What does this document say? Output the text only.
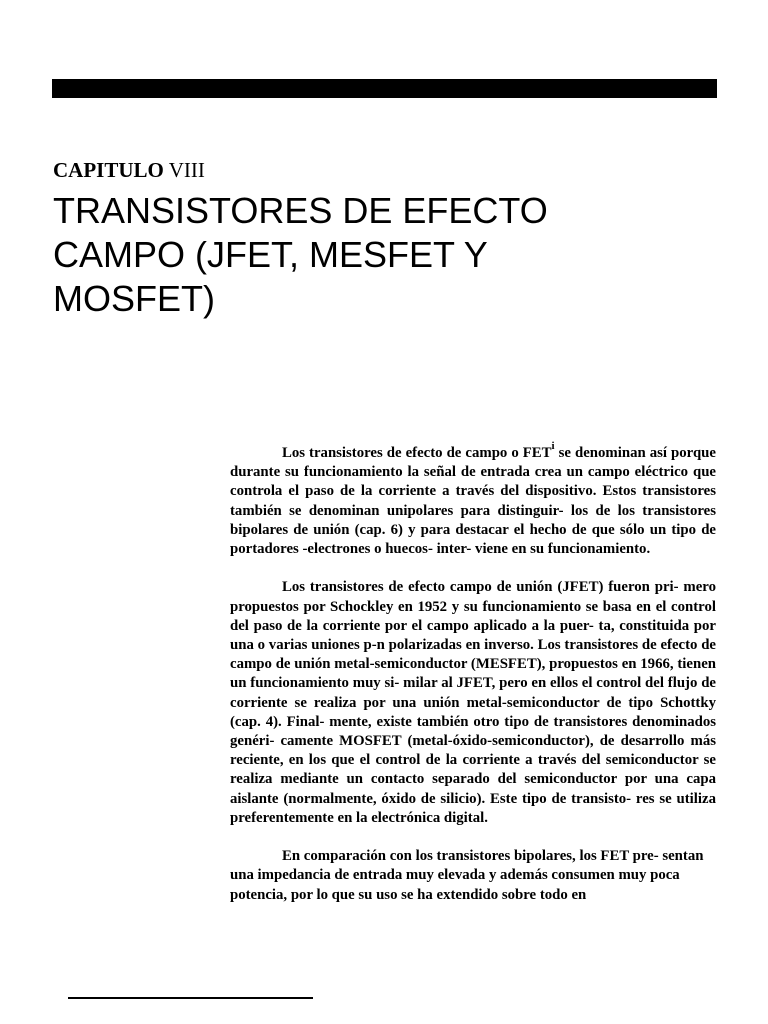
CAPITULO VIII
TRANSISTORES DE EFECTO
CAMPO (JFET, MESFET Y
MOSFET)

Los transistores de efecto de campo o FET$^i$ se denominan así porque durante su funcionamiento la señal de entrada crea un campo eléctrico que controla el paso de la corriente a través del dispositivo. Estos transistores también se denominan unipolares para distinguir- los de los transistores bipolares de unión (cap. 6) y para destacar el hecho de que sólo un tipo de portadores -electrones o huecos- inter- viene en su funcionamiento.

Los transistores de efecto campo de unión (JFET) fueron pri- mero propuestos por Schockley en 1952 y su funcionamiento se basa en el control del paso de la corriente por el campo aplicado a la puer- ta, constituida por una o varias uniones p-n polarizadas en inverso. Los transistores de efecto de campo de unión metal-semiconductor (MESFET), propuestos en 1966, tienen un funcionamiento muy si- milar al JFET, pero en ellos el control del flujo de corriente se realiza por una unión metal-semiconductor de tipo Schottky (cap. 4). Final- mente, existe también otro tipo de transistores denominados genéri- camente MOSFET (metal-óxido-semiconductor), de desarrollo más reciente, en los que el control de la corriente a través del semiconductor se realiza mediante un contacto separado del semiconductor por una capa aislante (normalmente, óxido de silicio). Este tipo de transisto- res se utiliza preferentemente en la electrónica digital.

En comparación con los transistores bipolares, los FET pre- sentan una impedancia de entrada muy elevada y además consumen muy poca potencia, por lo que su uso se ha extendido sobre todo en
